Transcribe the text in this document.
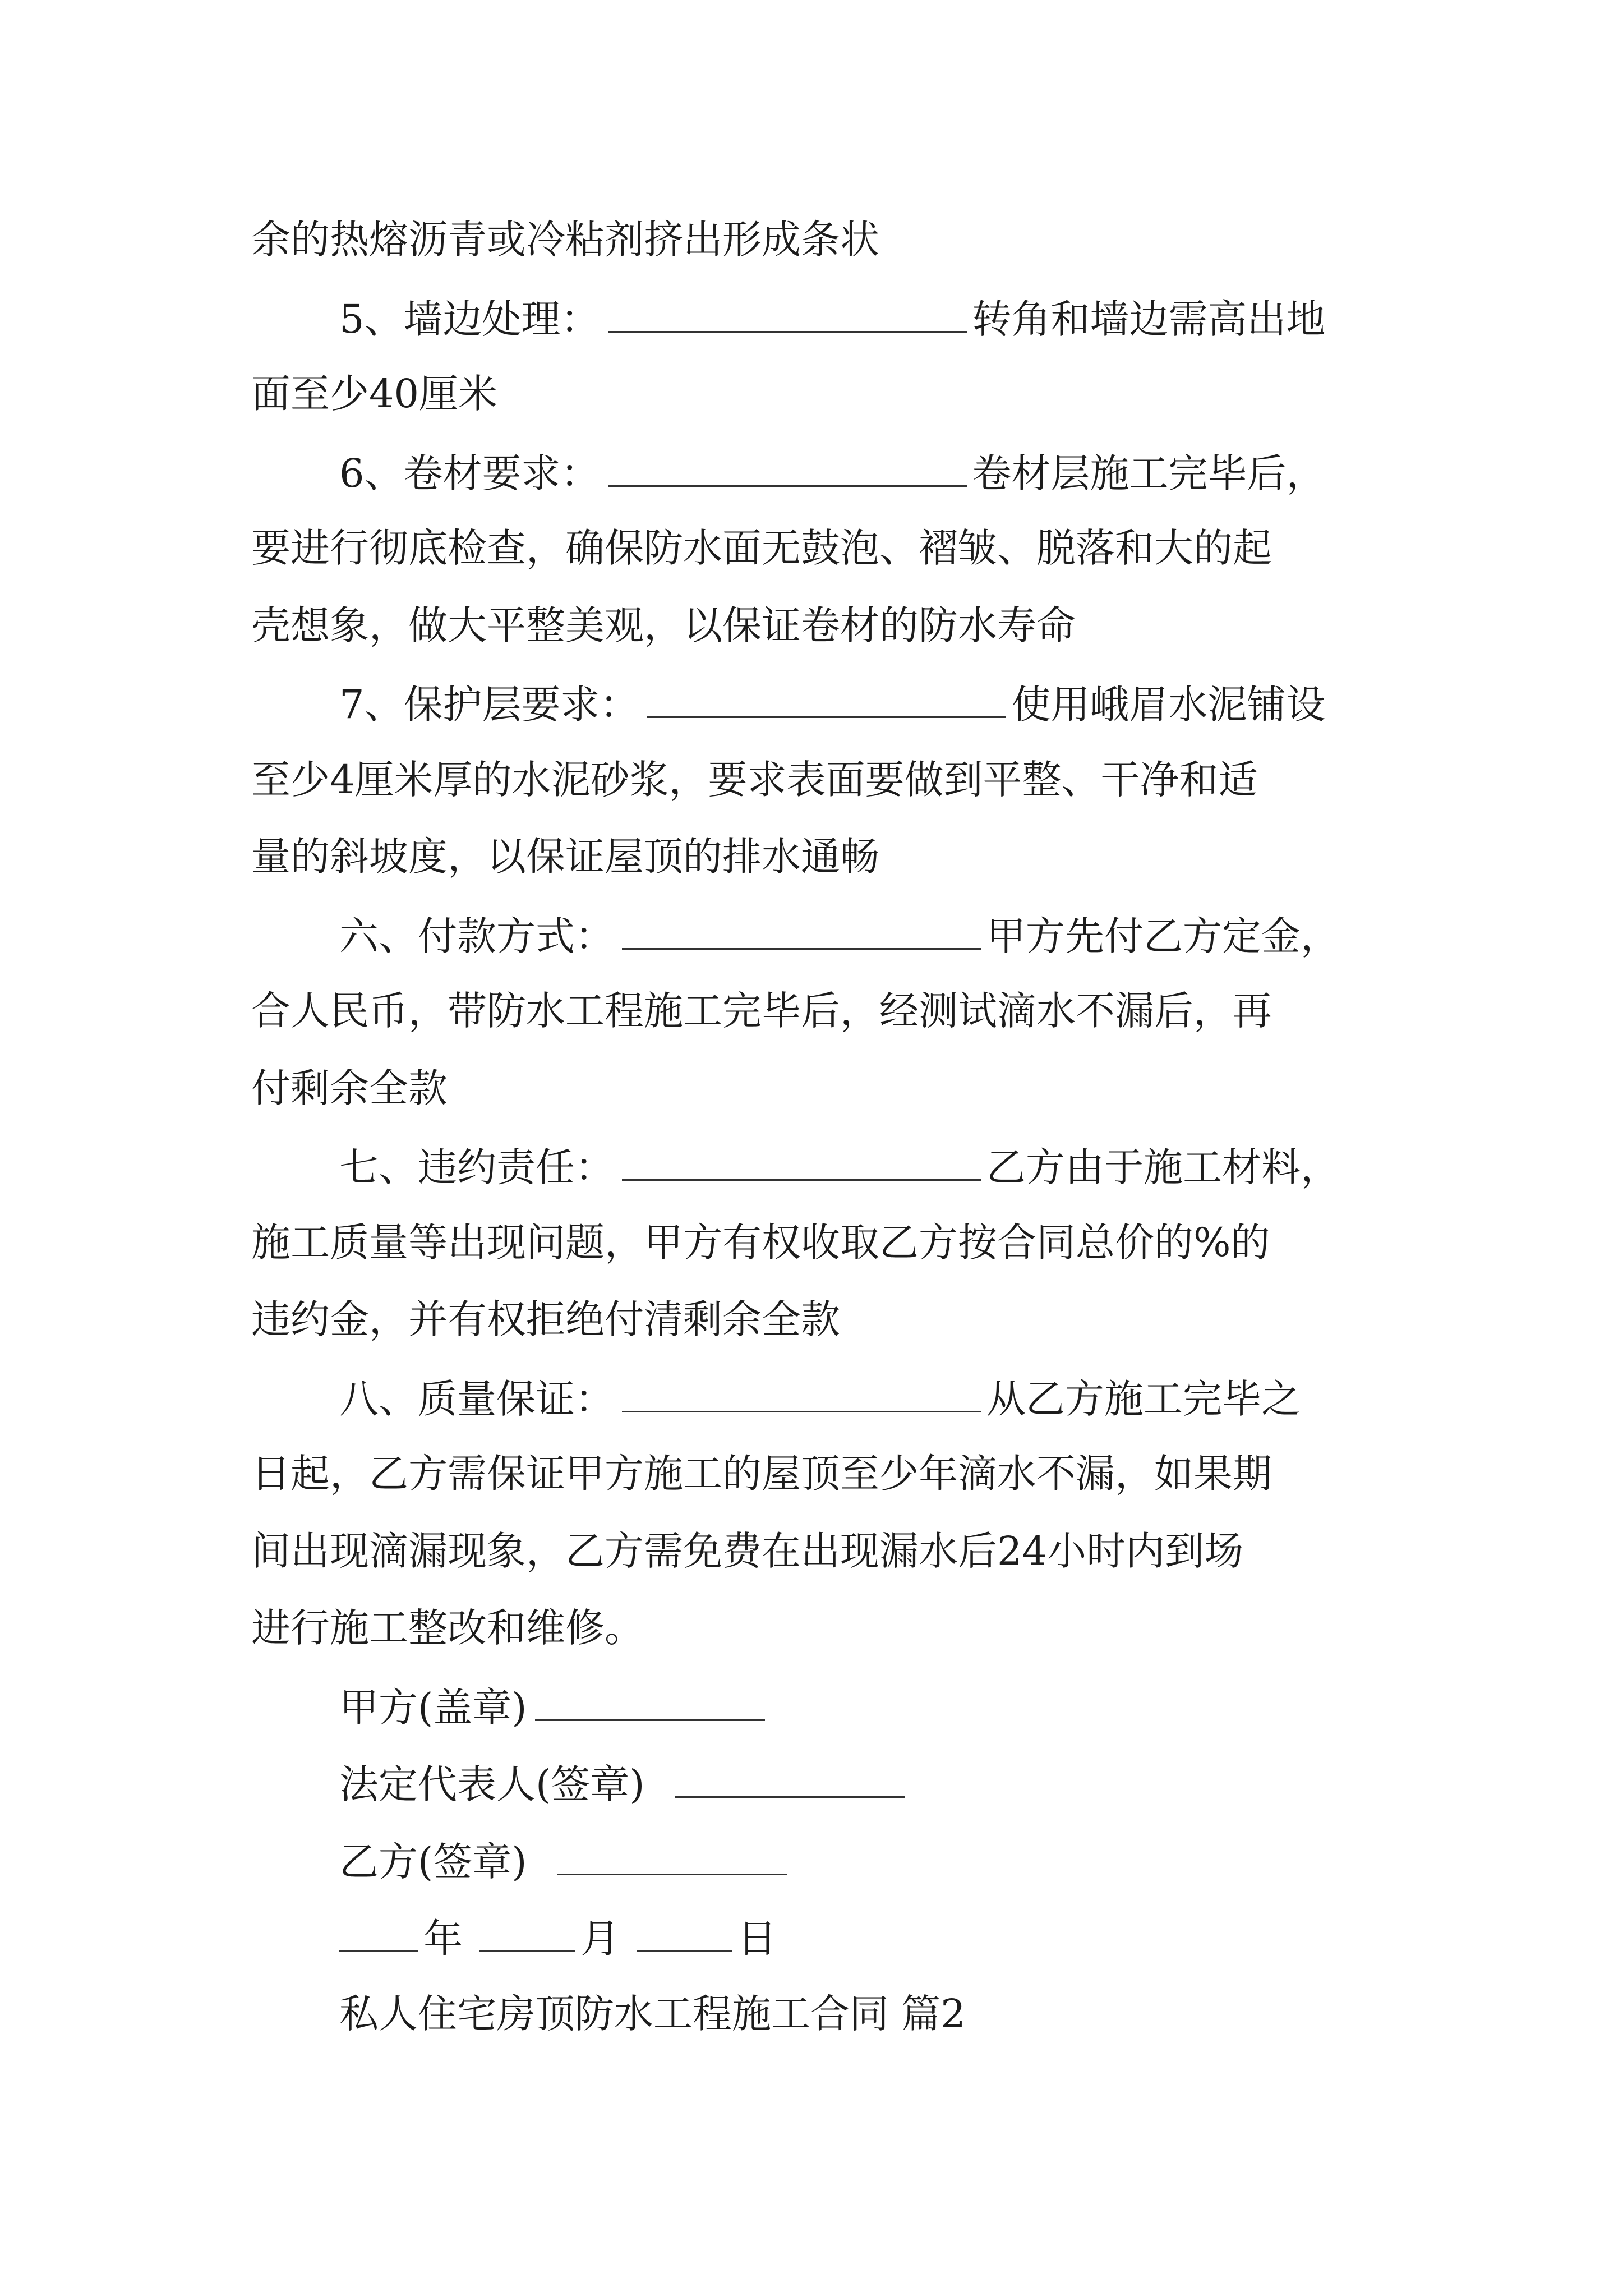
余的热熔沥青或冷粘剂挤出形成条状
5、墙边处理：	转角和墙边需高出地
面至少40厘米
6、卷材要求：	卷材层施工完毕后，
要进行彻底检查，确保防水面无鼓泡、褶皱、脱落和大的起
壳想象，做大平整美观，以保证卷材的防水寿命
7、保护层要求：	使用峨眉水泥铺设
至少4厘米厚的水泥砂浆，要求表面要做到平整、干净和适
量的斜坡度，以保证屋顶的排水通畅
六、付款方式：	甲方先付乙方定金，
合人民币，带防水工程施工完毕后，经测试滴水不漏后，再
付剩余全款
七、违约责任：	乙方由于施工材料，
施工质量等出现问题，甲方有权收取乙方按合同总价的%的
违约金，并有权拒绝付清剩余全款
八、质量保证：	从乙方施工完毕之
日起，乙方需保证甲方施工的屋顶至少年滴水不漏，如果期
间出现滴漏现象，乙方需免费在出现漏水后24小时内到场
进行施工整改和维修。
甲方(盖章)
法定代表人(签章)
乙方(签章)
年	月	日
私人住宅房顶防水工程施工合同 篇2
